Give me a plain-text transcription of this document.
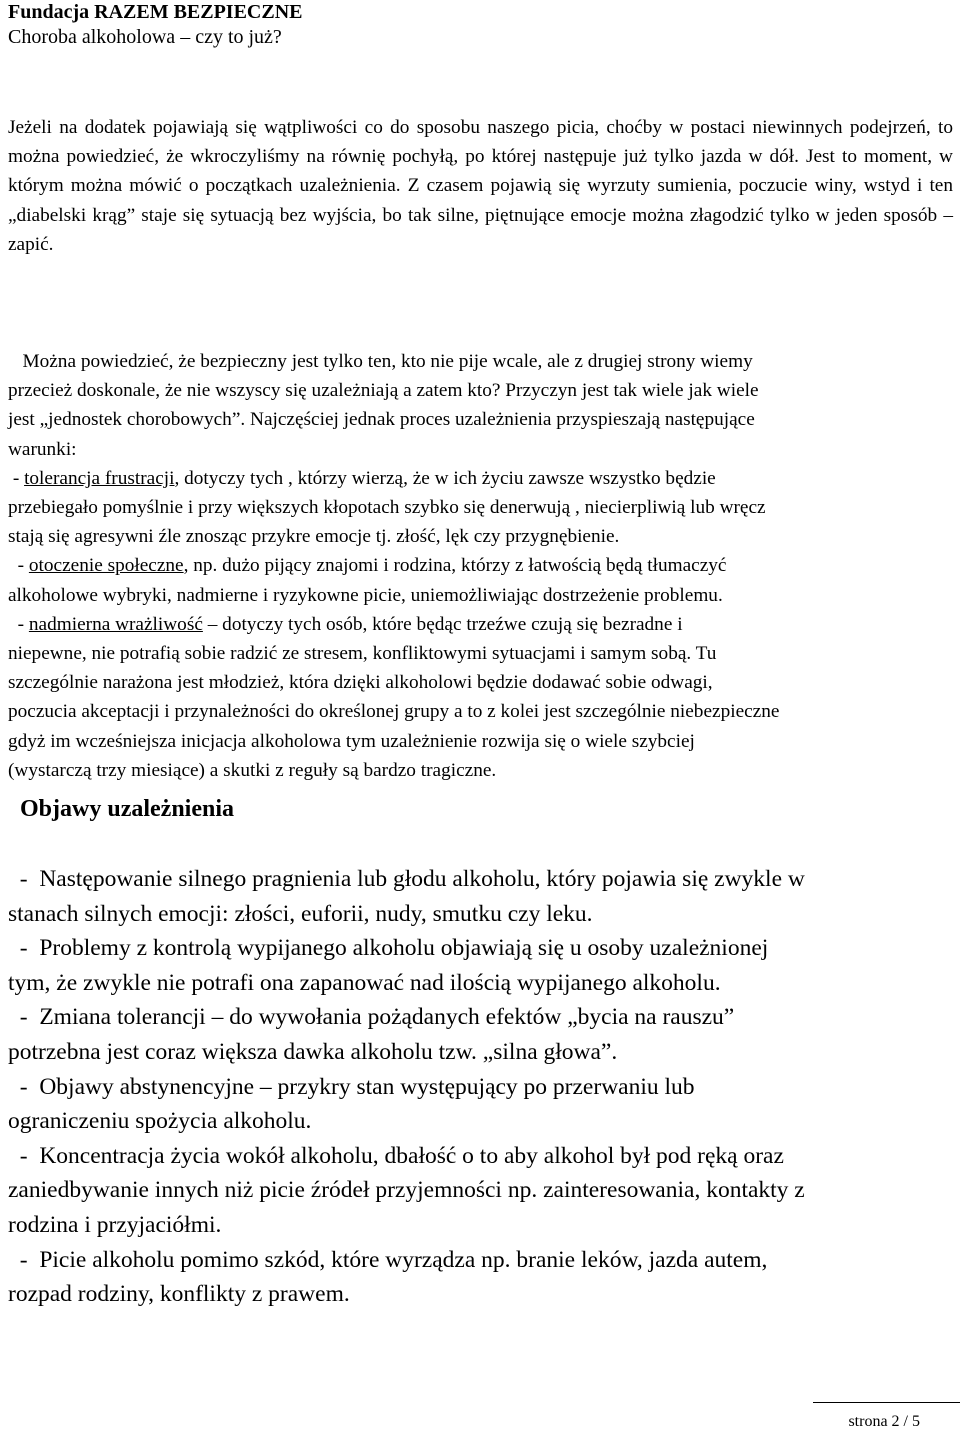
Fundacja RAZEM BEZPIECZNE
Choroba alkoholowa – czy to już?
Jeżeli na dodatek pojawiają się wątpliwości co do sposobu naszego picia, choćby w postaci niewinnych podejrzeń, to można powiedzieć, że wkroczyliśmy na równię pochyłą, po której następuje już tylko jazda w dół. Jest to moment, w którym można mówić o początkach uzależnienia. Z czasem pojawią się wyrzuty sumienia, poczucie winy, wstyd i ten „diabelski krąg” staje się sytuacją bez wyjścia, bo tak silne, piętnujące emocje można złagodzić tylko w jeden sposób – zapić.
Można powiedzieć, że bezpieczny jest tylko ten, kto nie pije wcale, ale z drugiej strony wiemy
przecież doskonale, że nie wszyscy się uzależniają a zatem kto? Przyczyn jest tak wiele jak wiele
jest „jednostek chorobowych”. Najczęściej jednak proces uzależnienia przyspieszają następujące
warunki:
- tolerancja frustracji, dotyczy tych , którzy wierzą, że w ich życiu zawsze wszystko będzie
przebiegało pomyślnie i przy większych kłopotach szybko się denerwują , niecierpliwią lub wręcz
stają się agresywni źle znosząc przykre emocje tj. złość, lęk czy przygnębienie.
- otoczenie społeczne, np. dużo pijący znajomi i rodzina, którzy z łatwością będą tłumaczyć
alkoholowe wybryki, nadmierne i ryzykowne picie, uniemożliwiając dostrzeżenie problemu.
- nadmierna wrażliwość – dotyczy tych osób, które będąc trzeźwe czują się bezradne i
niepewne, nie potrafią sobie radzić ze stresem, konfliktowymi sytuacjami i samym sobą. Tu
szczególnie narażona jest młodzież, która dzięki alkoholowi będzie dodawać sobie odwagi,
poczucia akceptacji i przynależności do określonej grupy a to z kolei jest szczególnie niebezpieczne
gdyż im wcześniejsza inicjacja alkoholowa tym uzależnienie rozwija się o wiele szybciej
(wystarczą trzy miesiące) a skutki z reguły są bardzo tragiczne.
Objawy uzależnienia
-  Następowanie silnego pragnienia lub głodu alkoholu, który pojawia się zwykle w
stanach silnych emocji: złości, euforii, nudy, smutku czy leku.
-  Problemy z kontrolą wypijanego alkoholu objawiają się u osoby uzależnionej
tym, że zwykle nie potrafi ona zapanować nad ilością wypijanego alkoholu.
-  Zmiana tolerancji – do wywołania pożądanych efektów „bycia na rauszu”
potrzebna jest coraz większa dawka alkoholu tzw. „silna głowa”.
-  Objawy abstynencyjne – przykry stan występujący po przerwaniu lub
ograniczeniu spożycia alkoholu.
-  Koncentracja życia wokół alkoholu, dbałość o to aby alkohol był pod ręką oraz
zaniedbywanie innych niż picie źródeł przyjemności np. zainteresowania, kontakty z
rodzina i przyjaciółmi.
-  Picie alkoholu pomimo szkód, które wyrządza np. branie leków, jazda autem,
rozpad rodziny, konflikty z prawem.
strona 2 / 5
